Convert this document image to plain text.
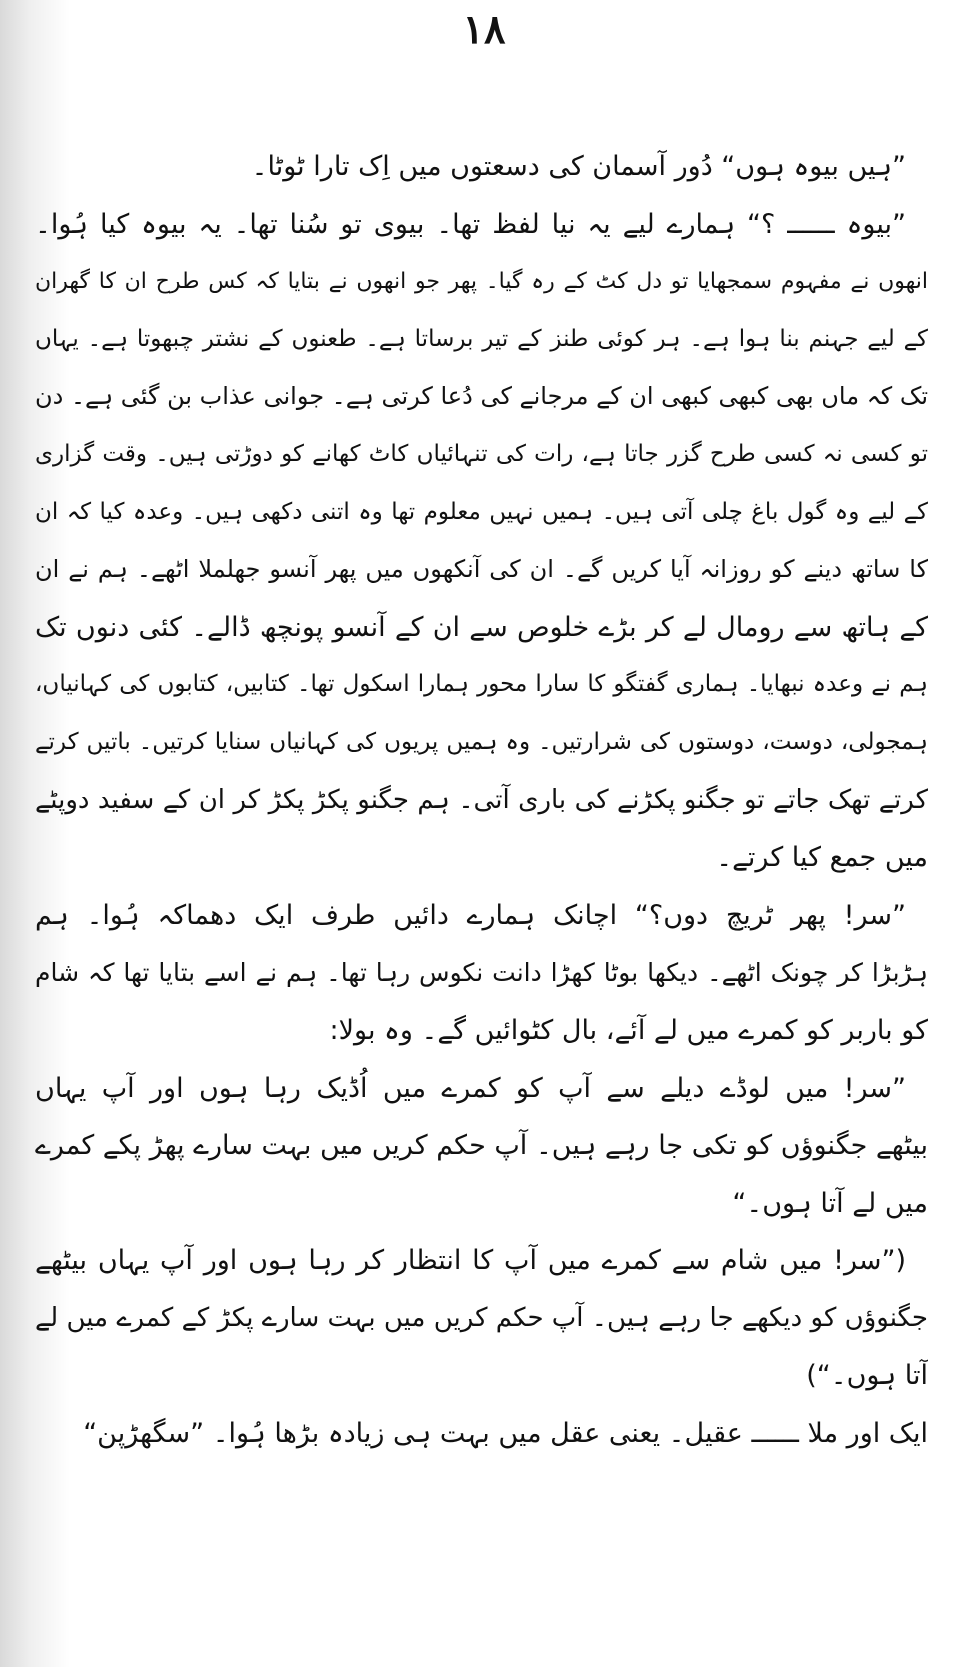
۱۸
”ہیں بیوہ ہوں“ دُور آسمان کی دسعتوں میں اِک تارا ٹوٹا۔
”بیوہ ــــــ ؟“ ہمارے لیے یہ نیا لفظ تھا۔ بیوی تو سُنا تھا۔ یہ بیوہ کیا ہُوا۔
انھوں نے مفہوم سمجھایا تو دل کٹ کے رہ گیا۔ پھر جو انھوں نے بتایا کہ کس طرح ان کا گھران
کے لیے جہنم بنا ہوا ہے۔ ہر کوئی طنز کے تیر برساتا ہے۔ طعنوں کے نشتر چبھوتا ہے۔ یہاں
تک کہ ماں بھی کبھی کبھی ان کے مرجانے کی دُعا کرتی ہے۔ جوانی عذاب بن گئی ہے۔ دن
تو کسی نہ کسی طرح گزر جاتا ہے، رات کی تنہائیاں کاٹ کھانے کو دوڑتی ہیں۔ وقت گزاری
کے لیے وہ گول باغ چلی آتی ہیں۔ ہمیں نہیں معلوم تھا وہ اتنی دکھی ہیں۔ وعدہ کیا کہ ان
کا ساتھ دینے کو روزانہ آیا کریں گے۔ ان کی آنکھوں میں پھر آنسو جھلملا اٹھے۔ ہم نے ان
کے ہاتھ سے رومال لے کر بڑے خلوص سے ان کے آنسو پونچھ ڈالے۔ کئی دنوں تک
ہم نے وعدہ نبھایا۔ ہماری گفتگو کا سارا محور ہمارا اسکول تھا۔ کتابیں، کتابوں کی کہانیاں،
ہمجولی، دوست، دوستوں کی شرارتیں۔ وہ ہمیں پریوں کی کہانیاں سنایا کرتیں۔ باتیں کرتے
کرتے تھک جاتے تو جگنو پکڑنے کی باری آتی۔ ہم جگنو پکڑ پکڑ کر ان کے سفید دوپٹے
میں جمع کیا کرتے۔
”سر! پھر ٹریچ دوں؟“ اچانک ہمارے دائیں طرف ایک دھماکہ ہُوا۔ ہم
ہڑبڑا کر چونک اٹھے۔ دیکھا بوٹا کھڑا دانت نکوس رہا تھا۔ ہم نے اسے بتایا تھا کہ شام
کو باربر کو کمرے میں لے آئے، بال کٹوائیں گے۔ وہ بولا:
”سر! میں لوڈے دیلے سے آپ کو کمرے میں اُڈیک رہا ہوں اور آپ یہاں
بیٹھے جگنوؤں کو تکی جا رہے ہیں۔ آپ حکم کریں میں بہت سارے پھڑ پکے کمرے
میں لے آتا ہوں۔“
(”سر! میں شام سے کمرے میں آپ کا انتظار کر رہا ہوں اور آپ یہاں بیٹھے
جگنوؤں کو دیکھے جا رہے ہیں۔ آپ حکم کریں میں بہت سارے پکڑ کے کمرے میں لے
آتا ہوں۔“)
ایک اور ملا ــــــ عقیل۔ یعنی عقل میں بہت ہی زیادہ بڑھا ہُوا۔ ”سگھڑپن“
